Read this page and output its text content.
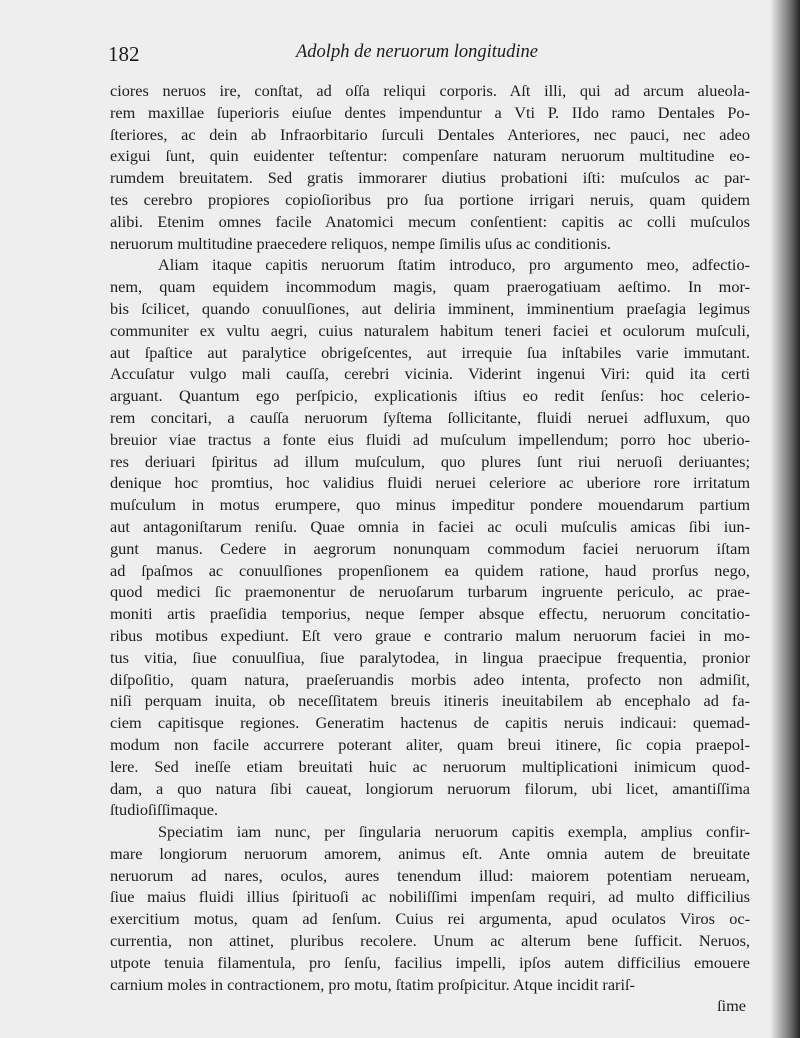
182	Adolph de neruorum longitudine
ciores neruos ire, conſtat, ad oſſa reliqui corporis. Aſt illi, qui ad arcum alueola-
rem maxillae ſuperioris eiuſue dentes impenduntur a Vti P. IIdo ramo Dentales Po-
ſteriores, ac dein ab Infraorbitario ſurculi Dentales Anteriores, nec pauci, nec adeo
exigui ſunt, quin euidenter teſtentur: compenſare naturam neruorum multitudine eo-
rumdem breuitatem. Sed gratis immorarer diutius probationi iſti: muſculos ac par-
tes cerebro propiores copioſioribus pro ſua portione irrigari neruis, quam quidem
alibi. Etenim omnes facile Anatomici mecum conſentient: capitis ac colli muſculos
neruorum multitudine praecedere reliquos, nempe ſimilis uſus ac conditionis.
Aliam itaque capitis neruorum ſtatim introduco, pro argumento meo, adfectio-
nem, quam equidem incommodum magis, quam praerogatiuam aeſtimo. In mor-
bis ſcilicet, quando conuulſiones, aut deliria imminent, imminentium praeſagia legimus
communiter ex vultu aegri, cuius naturalem habitum teneri faciei et oculorum muſculi,
aut ſpaſtice aut paralytice obrigeſcentes, aut irrequie ſua inſtabiles varie immutant.
Accuſatur vulgo mali cauſſa, cerebri vicinia. Viderint ingenui Viri: quid ita certi
arguant. Quantum ego perſpicio, explicationis iſtius eo redit ſenſus: hoc celerio-
rem concitari, a cauſſa neruorum ſyſtema ſollicitante, fluidi neruei adfluxum, quo
breuior viae tractus a fonte eius fluidi ad muſculum impellendum; porro hoc uberio-
res deriuari ſpiritus ad illum muſculum, quo plures ſunt riui neruoſi deriuantes;
denique hoc promtius, hoc validius fluidi neruei celeriore ac uberiore rore irritatum
muſculum in motus erumpere, quo minus impeditur pondere mouendarum partium
aut antagoniſtarum reniſu. Quae omnia in faciei ac oculi muſculis amicas ſibi iun-
gunt manus. Cedere in aegrorum nonunquam commodum faciei neruorum iſtam
ad ſpaſmos ac conuulſiones propenſionem ea quidem ratione, haud prorſus nego,
quod medici ſic praemonentur de neruoſarum turbarum ingruente periculo, ac prae-
moniti artis praeſidia temporius, neque ſemper absque effectu, neruorum concitatio-
ribus motibus expediunt. Eſt vero graue e contrario malum neruorum faciei in mo-
tus vitia, ſiue conuulſiua, ſiue paralytodea, in lingua praecipue frequentia, pronior
diſpoſitio, quam natura, praeſeruandis morbis adeo intenta, profecto non admiſit,
niſi perquam inuita, ob neceſſitatem breuis itineris ineuitabilem ab encephalo ad fa-
ciem capitisque regiones. Generatim hactenus de capitis neruis indicaui: quemad-
modum non facile accurrere poterant aliter, quam breui itinere, ſic copia praepol-
lere. Sed ineſſe etiam breuitati huic ac neruorum multiplicationi inimicum quod-
dam, a quo natura ſibi caueat, longiorum neruorum filorum, ubi licet, amantiſſima
ſtudioſiſſimaque.
Speciatim iam nunc, per ſingularia neruorum capitis exempla, amplius confir-
mare longiorum neruorum amorem, animus eſt. Ante omnia autem de breuitate
neruorum ad nares, oculos, aures tenendum illud: maiorem potentiam nerueam,
ſiue maius fluidi illius ſpirituoſi ac nobiliſſimi impenſam requiri, ad multo difficilius
exercitium motus, quam ad ſenſum. Cuius rei argumenta, apud oculatos Viros oc-
currentia, non attinet, pluribus recolere. Unum ac alterum bene ſufficit. Neruos,
utpote tenuia filamentula, pro ſenſu, facilius impelli, ipſos autem difficilius emouere
carnium moles in contractionem, pro motu, ſtatim proſpicitur. Atque incidit rariſ-
ſime
